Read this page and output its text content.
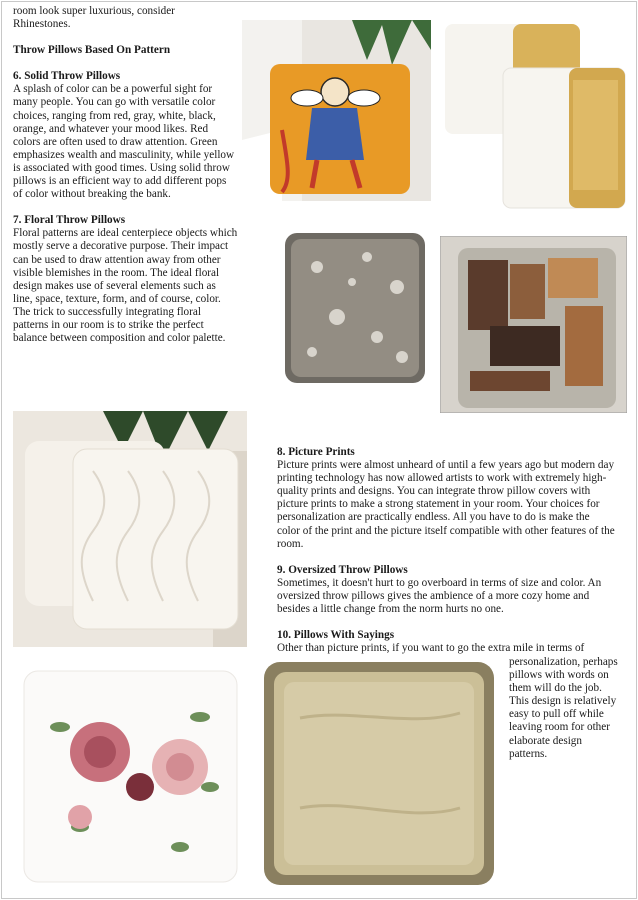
room look super luxurious, consider

Rhinestones.

Throw Pillows Based On Pattern

6. Solid Throw Pillows

A splash of color can be a powerful sight for many people. You can go with versatile color choices, ranging from red, gray, white, black, orange, and whatever your mood likes. Red colors are often used to draw attention. Green emphasizes wealth and masculinity, while yellow is associated with good times. Using solid throw pillows is an efficient way to add different pops of color without breaking the bank.

7. Floral Throw Pillows

Floral patterns are ideal centerpiece objects which mostly serve a decorative purpose. Their impact can be used to draw attention away from other visible blemishes in the room. The ideal floral design makes use of several elements such as line, space, texture, form, and of course, color. The trick to successfully integrating floral patterns in our room is to strike the perfect balance between composition and color palette.

8. Picture Prints

Picture prints were almost unheard of until a few years ago but modern day printing technology has now allowed artists to work with extremely high-quality prints and designs. You can integrate throw pillow covers with picture prints to make a strong statement in your room. Your choices for personalization are practically endless. All you have to do is make the color of the print and the picture itself compatible with other features of the room.

9. Oversized Throw Pillows

Sometimes, it doesn't hurt to go overboard in terms of size and color. An oversized throw pillows gives the ambience of a more cozy home and besides a little change from the norm hurts no one.

10. Pillows With Sayings

Other than picture prints, if you want to go the extra mile in terms of

personalization, perhaps pillows with words on them will do the job. This design is relatively easy to pull off while leaving room for other elaborate design patterns.
